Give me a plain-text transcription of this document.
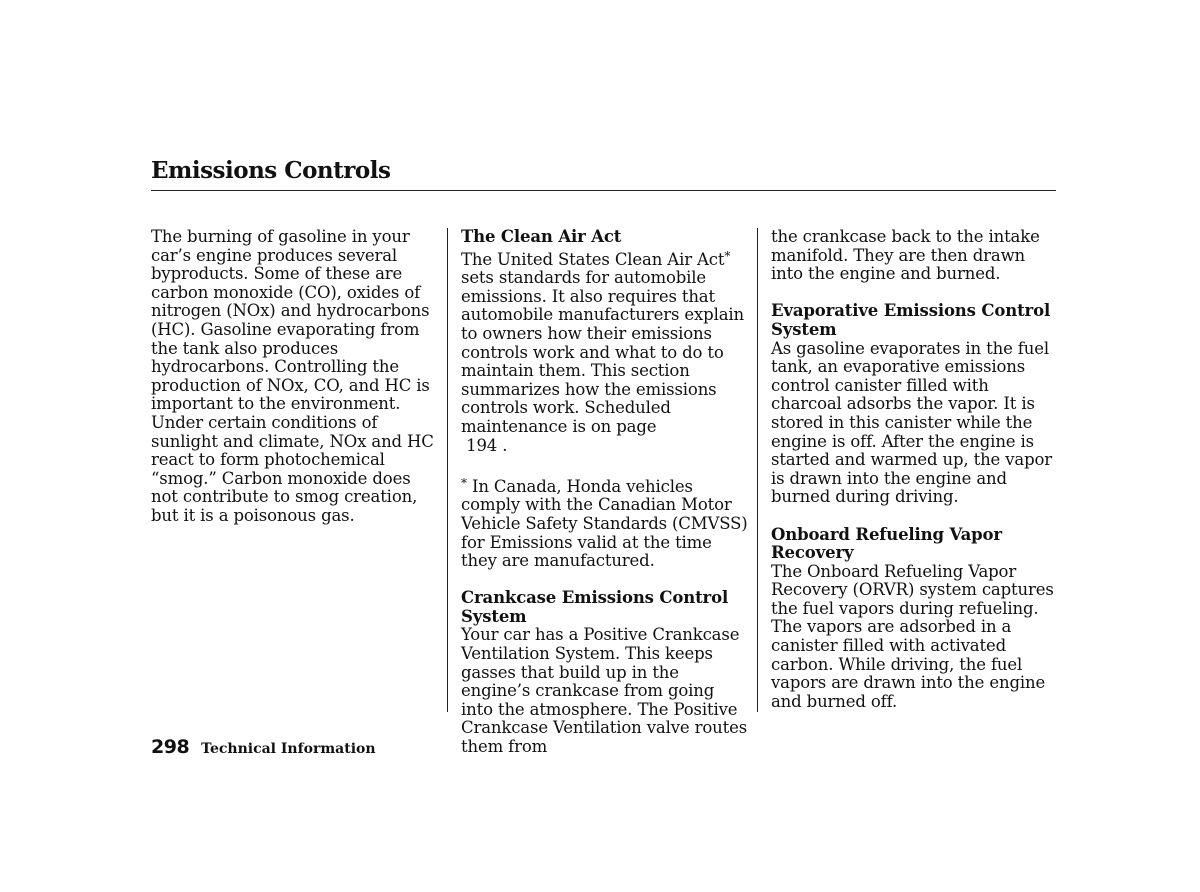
Emissions Controls

The burning of gasoline in your car’s engine produces several byproducts. Some of these are carbon monoxide (CO), oxides of nitrogen (NOx) and hydrocarbons (HC). Gasoline evaporating from the tank also produces hydrocarbons. Controlling the production of NOx, CO, and HC is important to the environment. Under certain conditions of sunlight and climate, NOx and HC react to form photochemical “smog.” Carbon monoxide does not contribute to smog creation, but it is a poisonous gas.

The Clean Air Act

The United States Clean Air Act* sets standards for automobile emissions. It also requires that automobile manufacturers explain to owners how their emissions controls work and what to do to maintain them. This section summarizes how the emissions controls work. Scheduled maintenance is on page
194 .

* In Canada, Honda vehicles comply with the Canadian Motor Vehicle Safety Standards (CMVSS) for Emissions valid at the time they are manufactured.

Crankcase Emissions Control System

Your car has a Positive Crankcase Ventilation System. This keeps gasses that build up in the engine’s crankcase from going into the atmosphere. The Positive Crankcase Ventilation valve routes them from

the crankcase back to the intake manifold. They are then drawn into the engine and burned.

Evaporative Emissions Control System

As gasoline evaporates in the fuel tank, an evaporative emissions control canister filled with charcoal adsorbs the vapor. It is stored in this canister while the engine is off. After the engine is started and warmed up, the vapor is drawn into the engine and burned during driving.

Onboard Refueling Vapor Recovery

The Onboard Refueling Vapor Recovery (ORVR) system captures the fuel vapors during refueling. The vapors are adsorbed in a canister filled with activated carbon. While driving, the fuel vapors are drawn into the engine and burned off.

298 Technical Information
